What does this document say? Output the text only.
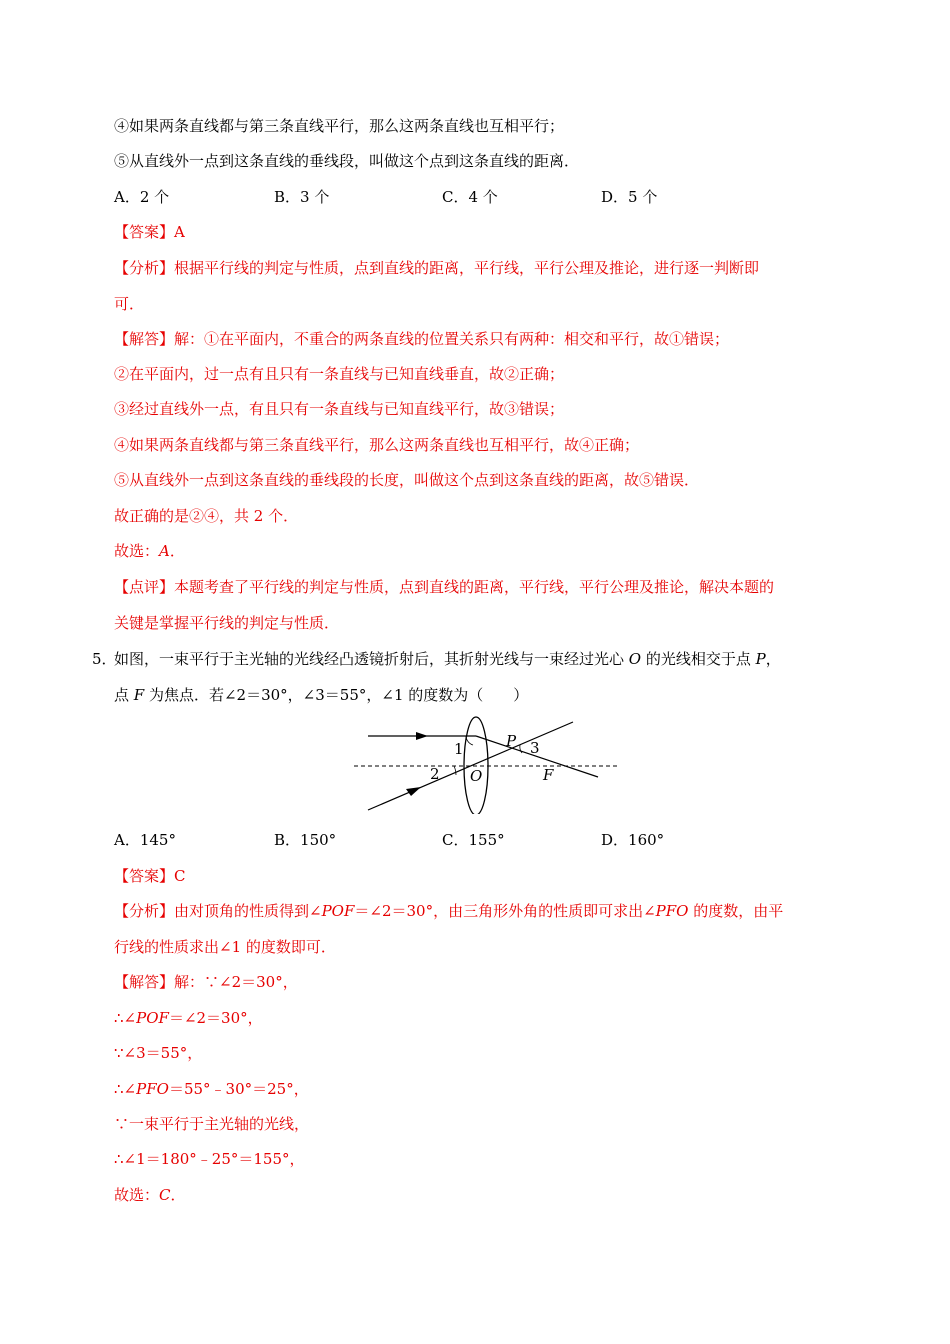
④如果两条直线都与第三条直线平行，那么这两条直线也互相平行；
⑤从直线外一点到这条直线的垂线段，叫做这个点到这条直线的距离．
A．2 个	B．3 个	C．4 个	D．5 个
【答案】A
【分析】根据平行线的判定与性质，点到直线的距离，平行线，平行公理及推论，进行逐一判断即
可．
【解答】解：①在平面内，不重合的两条直线的位置关系只有两种：相交和平行，故①错误；
②在平面内，过一点有且只有一条直线与已知直线垂直，故②正确；
③经过直线外一点，有且只有一条直线与已知直线平行，故③错误；
④如果两条直线都与第三条直线平行，那么这两条直线也互相平行，故④正确；
⑤从直线外一点到这条直线的垂线段的长度，叫做这个点到这条直线的距离，故⑤错误．
故正确的是②④，共 2 个．
故选：A．
【点评】本题考查了平行线的判定与性质，点到直线的距离，平行线，平行公理及推论，解决本题的
关键是掌握平行线的判定与性质．
5．
如图，一束平行于主光轴的光线经凸透镜折射后，其折射光线与一束经过光心 O 的光线相交于点 P，
点 F 为焦点．若∠2＝30°，∠3＝55°，∠1 的度数为（　　）
1
2
3
O
P
F
A．145°	B．150°	C．155°	D．160°
【答案】C
【分析】由对顶角的性质得到∠POF＝∠2＝30°，由三角形外角的性质即可求出∠PFO 的度数，由平
行线的性质求出∠1 的度数即可．
【解答】解：∵∠2＝30°，
∴∠POF＝∠2＝30°，
∵∠3＝55°，
∴∠PFO＝55°﹣30°＝25°，
∵一束平行于主光轴的光线，
∴∠1＝180°﹣25°＝155°，
故选：C．
